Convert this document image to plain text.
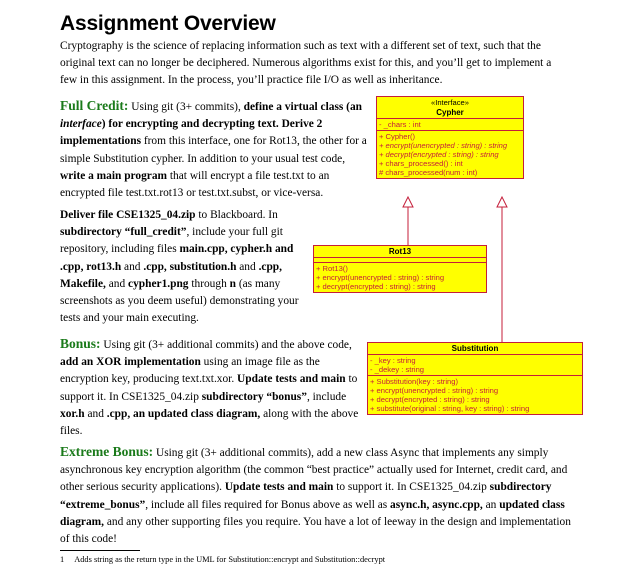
Assignment Overview

Cryptography is the science of replacing information such as text with a different set of text, such that the original text can no longer be deciphered. Numerous algorithms exist for this, and you’ll get to implement a few in this assignment. In the process, you’ll practice file I/O as well as inheritance.

Full Credit: Using git (3+ commits), define a virtual class (an interface) for encrypting and decrypting text. Derive 2 implementations from this interface, one for Rot13, the other for a simple Substitution cypher. In addition to your usual test code, write a main program that will encrypt a file test.txt to an encrypted file test.txt.rot13 or test.txt.subst, or vice-versa.

Deliver file CSE1325_04.zip to Blackboard. In subdirectory “full_credit”, include your full git repository, including files main.cpp, cypher.h and .cpp, rot13.h and .cpp, substitution.h and .cpp, Makefile, and cypher1.png through n (as many screenshots as you deem useful) demonstrating your tests and your main executing.

Bonus: Using git (3+ additional commits) and the above code, add an XOR implementation using an image file as the encryption key, producing text.txt.xor. Update tests and main to support it. In CSE1325_04.zip subdirectory “bonus”, include xor.h and .cpp, an updated class diagram, along with the above files.

Extreme Bonus: Using git (3+ additional commits), add a new class Async that implements any simply asynchronous key encryption algorithm (the common “best practice” actually used for Internet, credit card, and other serious security applications). Update tests and main to support it. In CSE1325_04.zip subdirectory “extreme_bonus”, include all files required for Bonus above as well as async.h, async.cpp, an updated class diagram, and any other supporting files you require. You have a lot of leeway in the design and implementation of this code!

1 Adds string as the return type in the UML for Substitution::encrypt and Substitution::decrypt
«Interface»
Cypher
- _chars : int
+ Cypher()
+ encrypt(unencrypted : string) : string
+ decrypt(encrypted : string) : string
+ chars_processed() : int
# chars_processed(num : int)
Rot13
+ Rot13()
+ encrypt(unencrypted : string) : string
+ decrypt(encrypted : string) : string
Substitution
- _key : string
- _dekey : string
+ Substitution(key : string)
+ encrypt(unencrypted : string) : string
+ decrypt(encrypted : string) : string
+ substitute(original : string, key : string) : string
